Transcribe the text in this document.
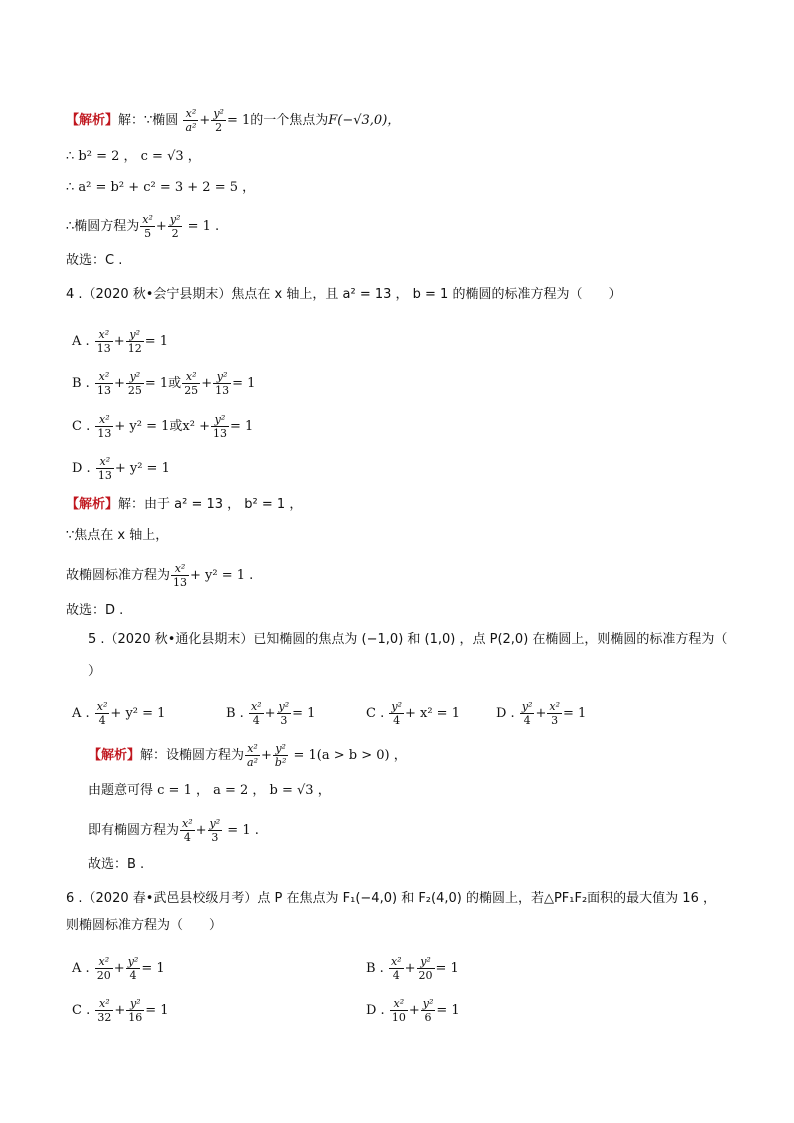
【解析】解：∵椭圆 $\frac{\text{x²}}{\text{a²}} + \frac{\text{y²}}{2} = 1$的一个焦点为F(−√3,0)，
∴ b² = 2 ， c = √3 ，
∴ a² = b² + c² = 3 + 2 = 5 ，
∴椭圆方程为 $\frac{\text{x²}}{5} + \frac{\text{y²}}{2} = 1$ .
故选：C .
4 .（2020 秋•会宁县期末）焦点在 x 轴上，且 a² = 13 ， b = 1 的椭圆的标准方程为（　　）
A . $\frac{\text{x²}}{13} + \frac{\text{y²}}{12} = 1$
B . $\frac{\text{x²}}{13} + \frac{\text{y²}}{25} = 1$或 $\frac{\text{x²}}{25} + \frac{\text{y²}}{13} = 1$
C . $\frac{\text{x²}}{13} + y^2 = 1$或$x^2 + \frac{\text{y²}}{13} = 1$
D . $\frac{\text{x²}}{13} + y^2 = 1$
【解析】解：由于 a² = 13 ， b² = 1 ，
∵焦点在 x 轴上，
故椭圆标准方程为 $\frac{\text{x²}}{13} + y^2 = 1$ .
故选：D .
5 .（2020 秋•通化县期末）已知椭圆的焦点为 (−1,0) 和 (1,0) ，点 P(2,0) 在椭圆上，则椭圆的标准方程为（
）
A . $\frac{\text{x²}}{4} + y^2 = 1$	B . $\frac{\text{x²}}{4} + \frac{\text{y²}}{3} = 1$	C . $\frac{\text{y²}}{4} + x^2 = 1$	D . $\frac{\text{y²}}{4} + \frac{\text{x²}}{3} = 1$
【解析】解：设椭圆方程为 $\frac{\text{x²}}{\text{a²}} + \frac{\text{y²}}{\text{b²}} = 1(a > b > 0)$ ，
由题意可得 c = 1 ， a = 2 ， b = √3 ，
即有椭圆方程为 $\frac{\text{x²}}{4} + \frac{\text{y²}}{3} = 1$ .
故选：B .
6 .（2020 春•武邑县校级月考）点 P 在焦点为 F₁(−4,0) 和 F₂(4,0) 的椭圆上，若△PF₁F₂面积的最大值为 16 ，
则椭圆标准方程为（　　）
A . $\frac{\text{x²}}{20} + \frac{\text{y²}}{4} = 1$	B . $\frac{\text{x²}}{4} + \frac{\text{y²}}{20} = 1$
C . $\frac{\text{x²}}{32} + \frac{\text{y²}}{16} = 1$	D . $\frac{\text{x²}}{10} + \frac{\text{y²}}{6} = 1$
